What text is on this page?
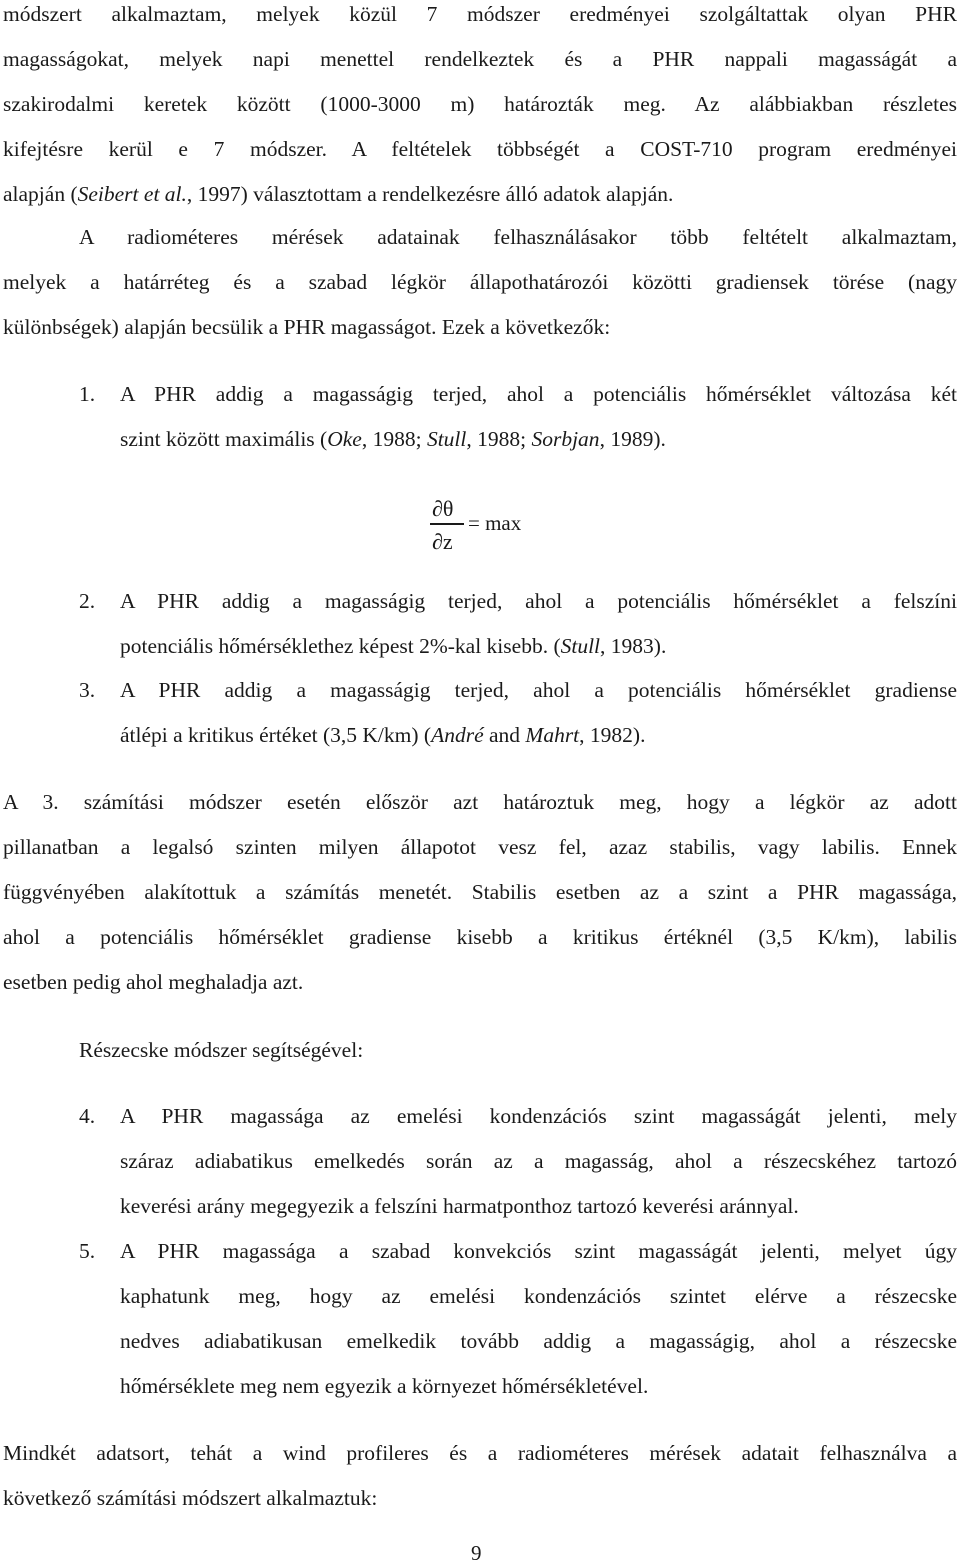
módszert alkalmaztam, melyek közül 7 módszer eredményei szolgáltattak olyan PHR
magasságokat, melyek napi menettel rendelkeztek és a PHR nappali magasságát a
szakirodalmi keretek között (1000-3000 m) határozták meg. Az alábbiakban részletes
kifejtésre kerül e 7 módszer. A feltételek többségét a COST-710 program eredményei
alapján (Seibert et al., 1997) választottam a rendelkezésre álló adatok alapján.
A radiométeres mérések adatainak felhasználásakor több feltételt alkalmaztam,
melyek a határréteg és a szabad légkör állapothatározói közötti gradiensek törése (nagy
különbségek) alapján becsülik a PHR magasságot. Ezek a következők:
1. A PHR addig a magasságig terjed, ahol a potenciális hőmérséklet változása két
szint között maximális (Oke, 1988; Stull, 1988; Sorbjan, 1989).
∂θ
∂z
= max
2. A PHR addig a magasságig terjed, ahol a potenciális hőmérséklet a felszíni
potenciális hőmérséklethez képest 2%-kal kisebb. (Stull, 1983).
3. A PHR addig a magasságig terjed, ahol a potenciális hőmérséklet gradiense
átlépi a kritikus értéket (3,5 K/km) (André and Mahrt, 1982).
A 3. számítási módszer esetén először azt határoztuk meg, hogy a légkör az adott
pillanatban a legalsó szinten milyen állapotot vesz fel, azaz stabilis, vagy labilis. Ennek
függvényében alakítottuk a számítás menetét. Stabilis esetben az a szint a PHR magassága,
ahol a potenciális hőmérséklet gradiense kisebb a kritikus értéknél (3,5 K/km), labilis
esetben pedig ahol meghaladja azt.
Részecske módszer segítségével:
4. A PHR magassága az emelési kondenzációs szint magasságát jelenti, mely
száraz adiabatikus emelkedés során az a magasság, ahol a részecskéhez tartozó
keverési arány megegyezik a felszíni harmatponthoz tartozó keverési aránnyal.
5. A PHR magassága a szabad konvekciós szint magasságát jelenti, melyet úgy
kaphatunk meg, hogy az emelési kondenzációs szintet elérve a részecske
nedves adiabatikusan emelkedik tovább addig a magasságig, ahol a részecske
hőmérséklete meg nem egyezik a környezet hőmérsékletével.
Mindkét adatsort, tehát a wind profileres és a radiométeres mérések adatait felhasználva a
következő számítási módszert alkalmaztuk:
9
